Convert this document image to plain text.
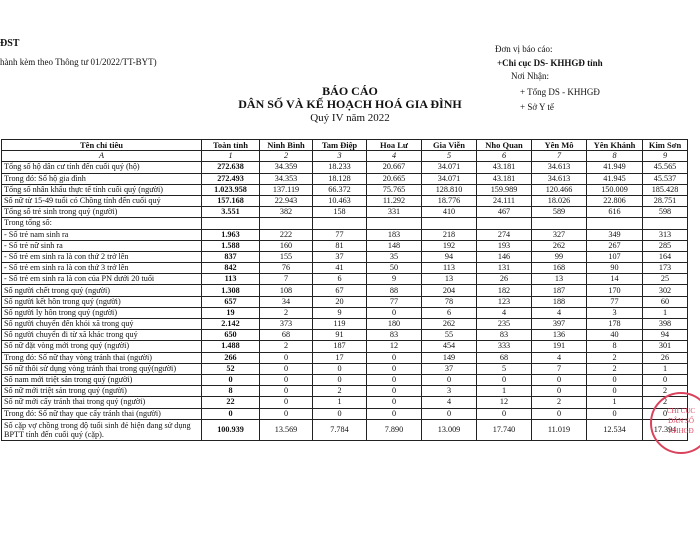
ĐST
hành kèm theo Thông tư 01/2022/TT-BYT)
Đơn vị báo cáo:
+Chi cục DS- KHHGĐ tỉnh
Nơi Nhận:
+ Tổng DS - KHHGĐ
+ Sở Y tế
BÁO CÁO
DÂN SỐ VÀ KẾ HOẠCH HOÁ GIA ĐÌNH
Quý IV năm 2022
Tên chỉ tiêu	Toàn tỉnh	Ninh Bình	Tam Điệp	Hoa Lư	Gia Viễn	Nho Quan	Yên Mô	Yên Khánh	Kim Sơn
A	1	2	3	4	5	6	7	8	9
Tổng số hộ dân cư tính đến cuối quý (hộ)	272.638	34.359	18.233	20.667	34.071	43.181	34.613	41.949	45.565
Trong đó: Số hộ gia đình	272.493	34.353	18.128	20.665	34.071	43.181	34.613	41.945	45.537
Tổng số nhân khẩu thực tế tính cuối quý (người)	1.023.958	137.119	66.372	75.765	128.810	159.989	120.466	150.009	185.428
Số nữ từ 15-49 tuổi có Chồng tính đến cuối quý	157.168	22.943	10.463	11.292	18.776	24.111	18.026	22.806	28.751
Tổng số trẻ sinh trong quý (người)	3.551	382	158	331	410	467	589	616	598
Trong tổng số:									
- Số trẻ nam sinh ra	1.963	222	77	183	218	274	327	349	313
- Số trẻ nữ sinh ra	1.588	160	81	148	192	193	262	267	285
- Số trẻ em sinh ra là con thứ 2 trở lên	837	155	37	35	94	146	99	107	164
- Số trẻ em sinh ra là con thứ 3 trở lên	842	76	41	50	113	131	168	90	173
- Số trẻ em sinh ra là con của PN dưới 20 tuổi	113	7	6	9	13	26	13	14	25
Số người chết trong quý (người)	1.308	108	67	88	204	182	187	170	302
Số người kết hôn trong quý (người)	657	34	20	77	78	123	188	77	60
Số người ly hôn trong quý (người)	19	2	9	0	6	4	4	3	1
Số người chuyển đến khỏi xã trong quý	2.142	373	119	180	262	235	397	178	398
Số người chuyển đi từ xã khác trong quý	650	68	91	83	55	83	136	40	94
Số nữ đặt vòng mới trong quý (người)	1.488	2	187	12	454	333	191	8	301
Trong đó: Số nữ thay vòng tránh thai (người)	266	0	17	0	149	68	4	2	26
Số nữ thôi sử dụng vòng tránh thai trong quý(người)	52	0	0	0	37	5	7	2	1
Số nam mới triệt sản trong quý (người)	0	0	0	0	0	0	0	0	0
Số nữ mới triệt sản trong quý (người)	8	0	2	0	3	1	0	0	2
Số nữ mới cấy tránh thai trong quý (người)	22	0	1	0	4	12	2	1	2
Trong đó: Số nữ thay que cấy tránh thai (người)	0	0	0	0	0	0	0	0	0
Số cặp vợ chồng trong độ tuổi sinh đẻ hiện đang sử dụng BPTT tính đến cuối quý (cặp).	100.939	13.569	7.784	7.890	13.009	17.740	11.019	12.534	17.394
CHI CỤC
DÂN SỐ
KHHGĐ
